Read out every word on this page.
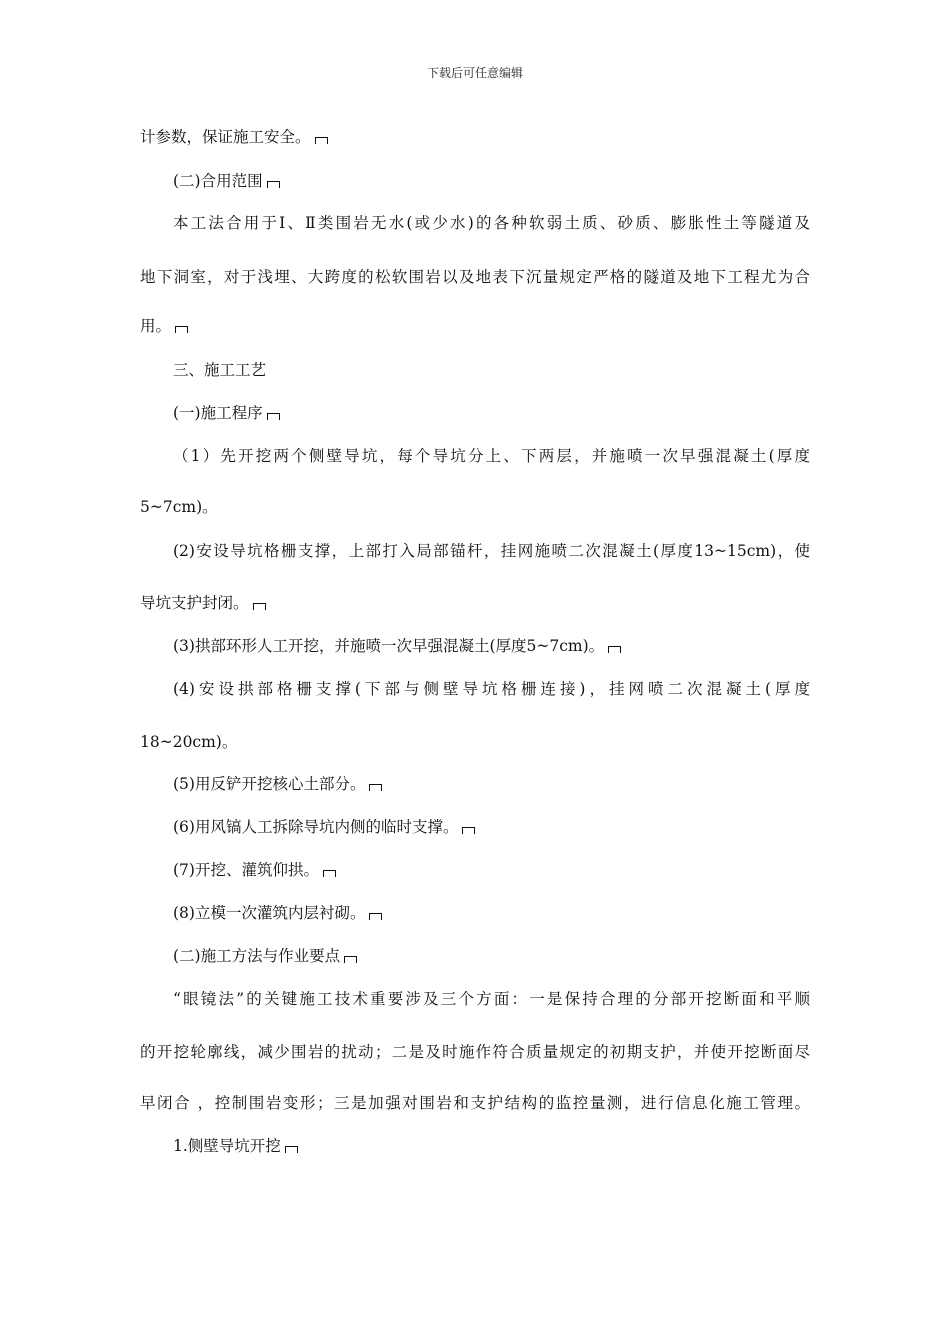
下载后可任意编辑
计参数，保证施工安全。
(二)合用范围
本工法合用于Ⅰ、Ⅱ类围岩无水(或少水)的各种软弱土质、砂质、膨胀性土等隧道及
地下洞室，对于浅埋、大跨度的松软围岩以及地表下沉量规定严格的隧道及地下工程尤为合
用。
三、施工工艺
(一)施工程序
（1）先开挖两个侧壁导坑，每个导坑分上、下两层，并施喷一次早强混凝土(厚度
5~7cm)。
(2)安设导坑格栅支撑，上部打入局部锚杆，挂网施喷二次混凝土(厚度13~15cm)，使
导坑支护封闭。
(3)拱部环形人工开挖，并施喷一次早强混凝土(厚度5~7cm)。
(4)安设拱部格栅支撑(下部与侧壁导坑格栅连接)，挂网喷二次混凝土(厚度
18~20cm)。
(5)用反铲开挖核心土部分。
(6)用风镐人工拆除导坑内侧的临时支撑。
(7)开挖、灌筑仰拱。
(8)立模一次灌筑内层衬砌。
(二)施工方法与作业要点
“眼镜法”的关键施工技术重要涉及三个方面：一是保持合理的分部开挖断面和平顺
的开挖轮廓线，减少围岩的扰动；二是及时施作符合质量规定的初期支护，并使开挖断面尽
早闭合 ，控制围岩变形；三是加强对围岩和支护结构的监控量测，进行信息化施工管理。
1.侧壁导坑开挖
